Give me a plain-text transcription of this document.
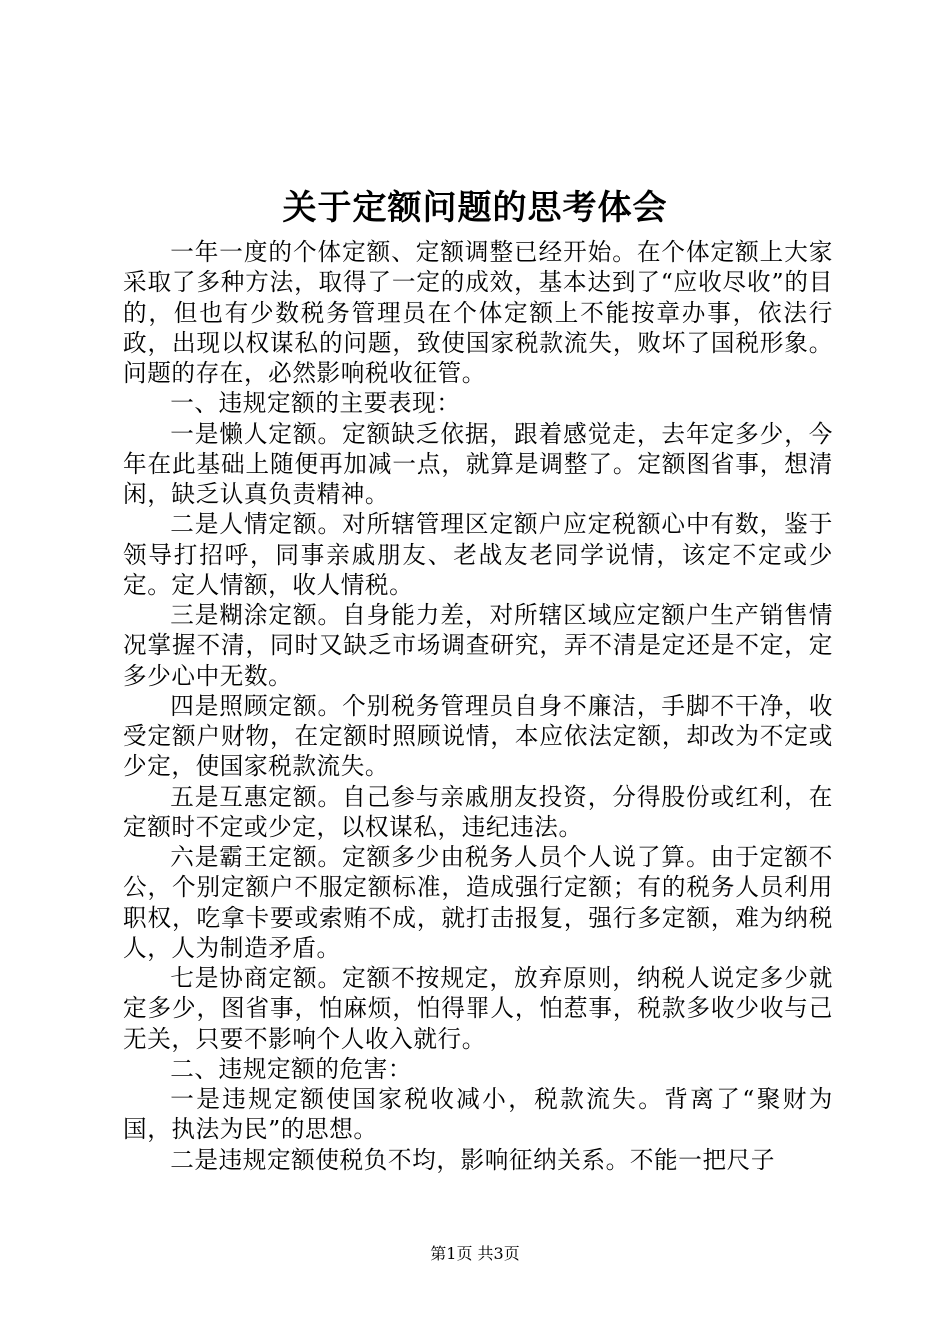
关于定额问题的思考体会

一年一度的个体定额、定额调整已经开始。在个体定额上大家采取了多种方法，取得了一定的成效，基本达到了“应收尽收”的目的，但也有少数税务管理员在个体定额上不能按章办事，依法行政，出现以权谋私的问题，致使国家税款流失，败坏了国税形象。问题的存在，必然影响税收征管。

一、违规定额的主要表现：

一是懒人定额。定额缺乏依据，跟着感觉走，去年定多少，今年在此基础上随便再加减一点，就算是调整了。定额图省事，想清闲，缺乏认真负责精神。

二是人情定额。对所辖管理区定额户应定税额心中有数，鉴于领导打招呼，同事亲戚朋友、老战友老同学说情，该定不定或少定。定人情额，收人情税。

三是糊涂定额。自身能力差，对所辖区域应定额户生产销售情况掌握不清，同时又缺乏市场调查研究，弄不清是定还是不定，定多少心中无数。

四是照顾定额。个别税务管理员自身不廉洁，手脚不干净，收受定额户财物，在定额时照顾说情，本应依法定额，却改为不定或少定，使国家税款流失。

五是互惠定额。自己参与亲戚朋友投资，分得股份或红利，在定额时不定或少定，以权谋私，违纪违法。

六是霸王定额。定额多少由税务人员个人说了算。由于定额不公，个别定额户不服定额标准，造成强行定额；有的税务人员利用职权，吃拿卡要或索贿不成，就打击报复，强行多定额，难为纳税人，人为制造矛盾。

七是协商定额。定额不按规定，放弃原则，纳税人说定多少就定多少，图省事，怕麻烦，怕得罪人，怕惹事，税款多收少收与己无关，只要不影响个人收入就行。

二、违规定额的危害：

一是违规定额使国家税收减小，税款流失。背离了“聚财为国，执法为民”的思想。

二是违规定额使税负不均，影响征纳关系。不能一把尺子

第1页 共3页
